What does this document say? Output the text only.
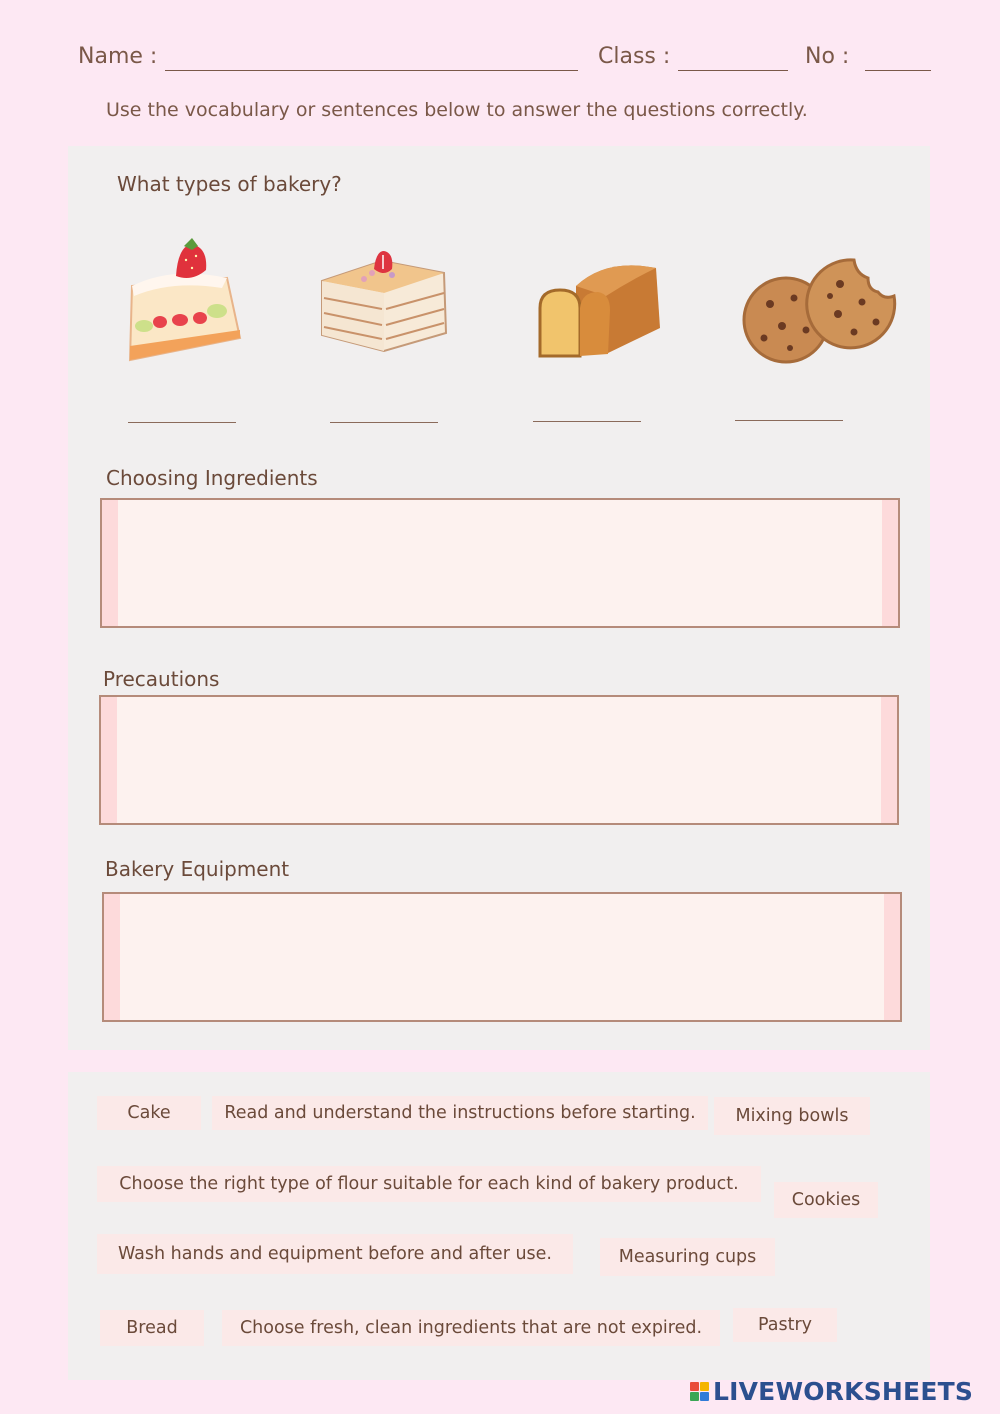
Name :	Class :	No :
Use the vocabulary or sentences below to answer the questions correctly.
What types of bakery?
Choosing Ingredients
Precautions
Bakery Equipment
Cake	Read and understand the instructions before starting.	Mixing bowls
Choose the right type of flour suitable for each kind of bakery product.
Cookies
Wash hands and equipment before and after use.	Measuring cups
Bread	Choose fresh, clean ingredients that are not expired.	Pastry
LIVEWORKSHEETS
